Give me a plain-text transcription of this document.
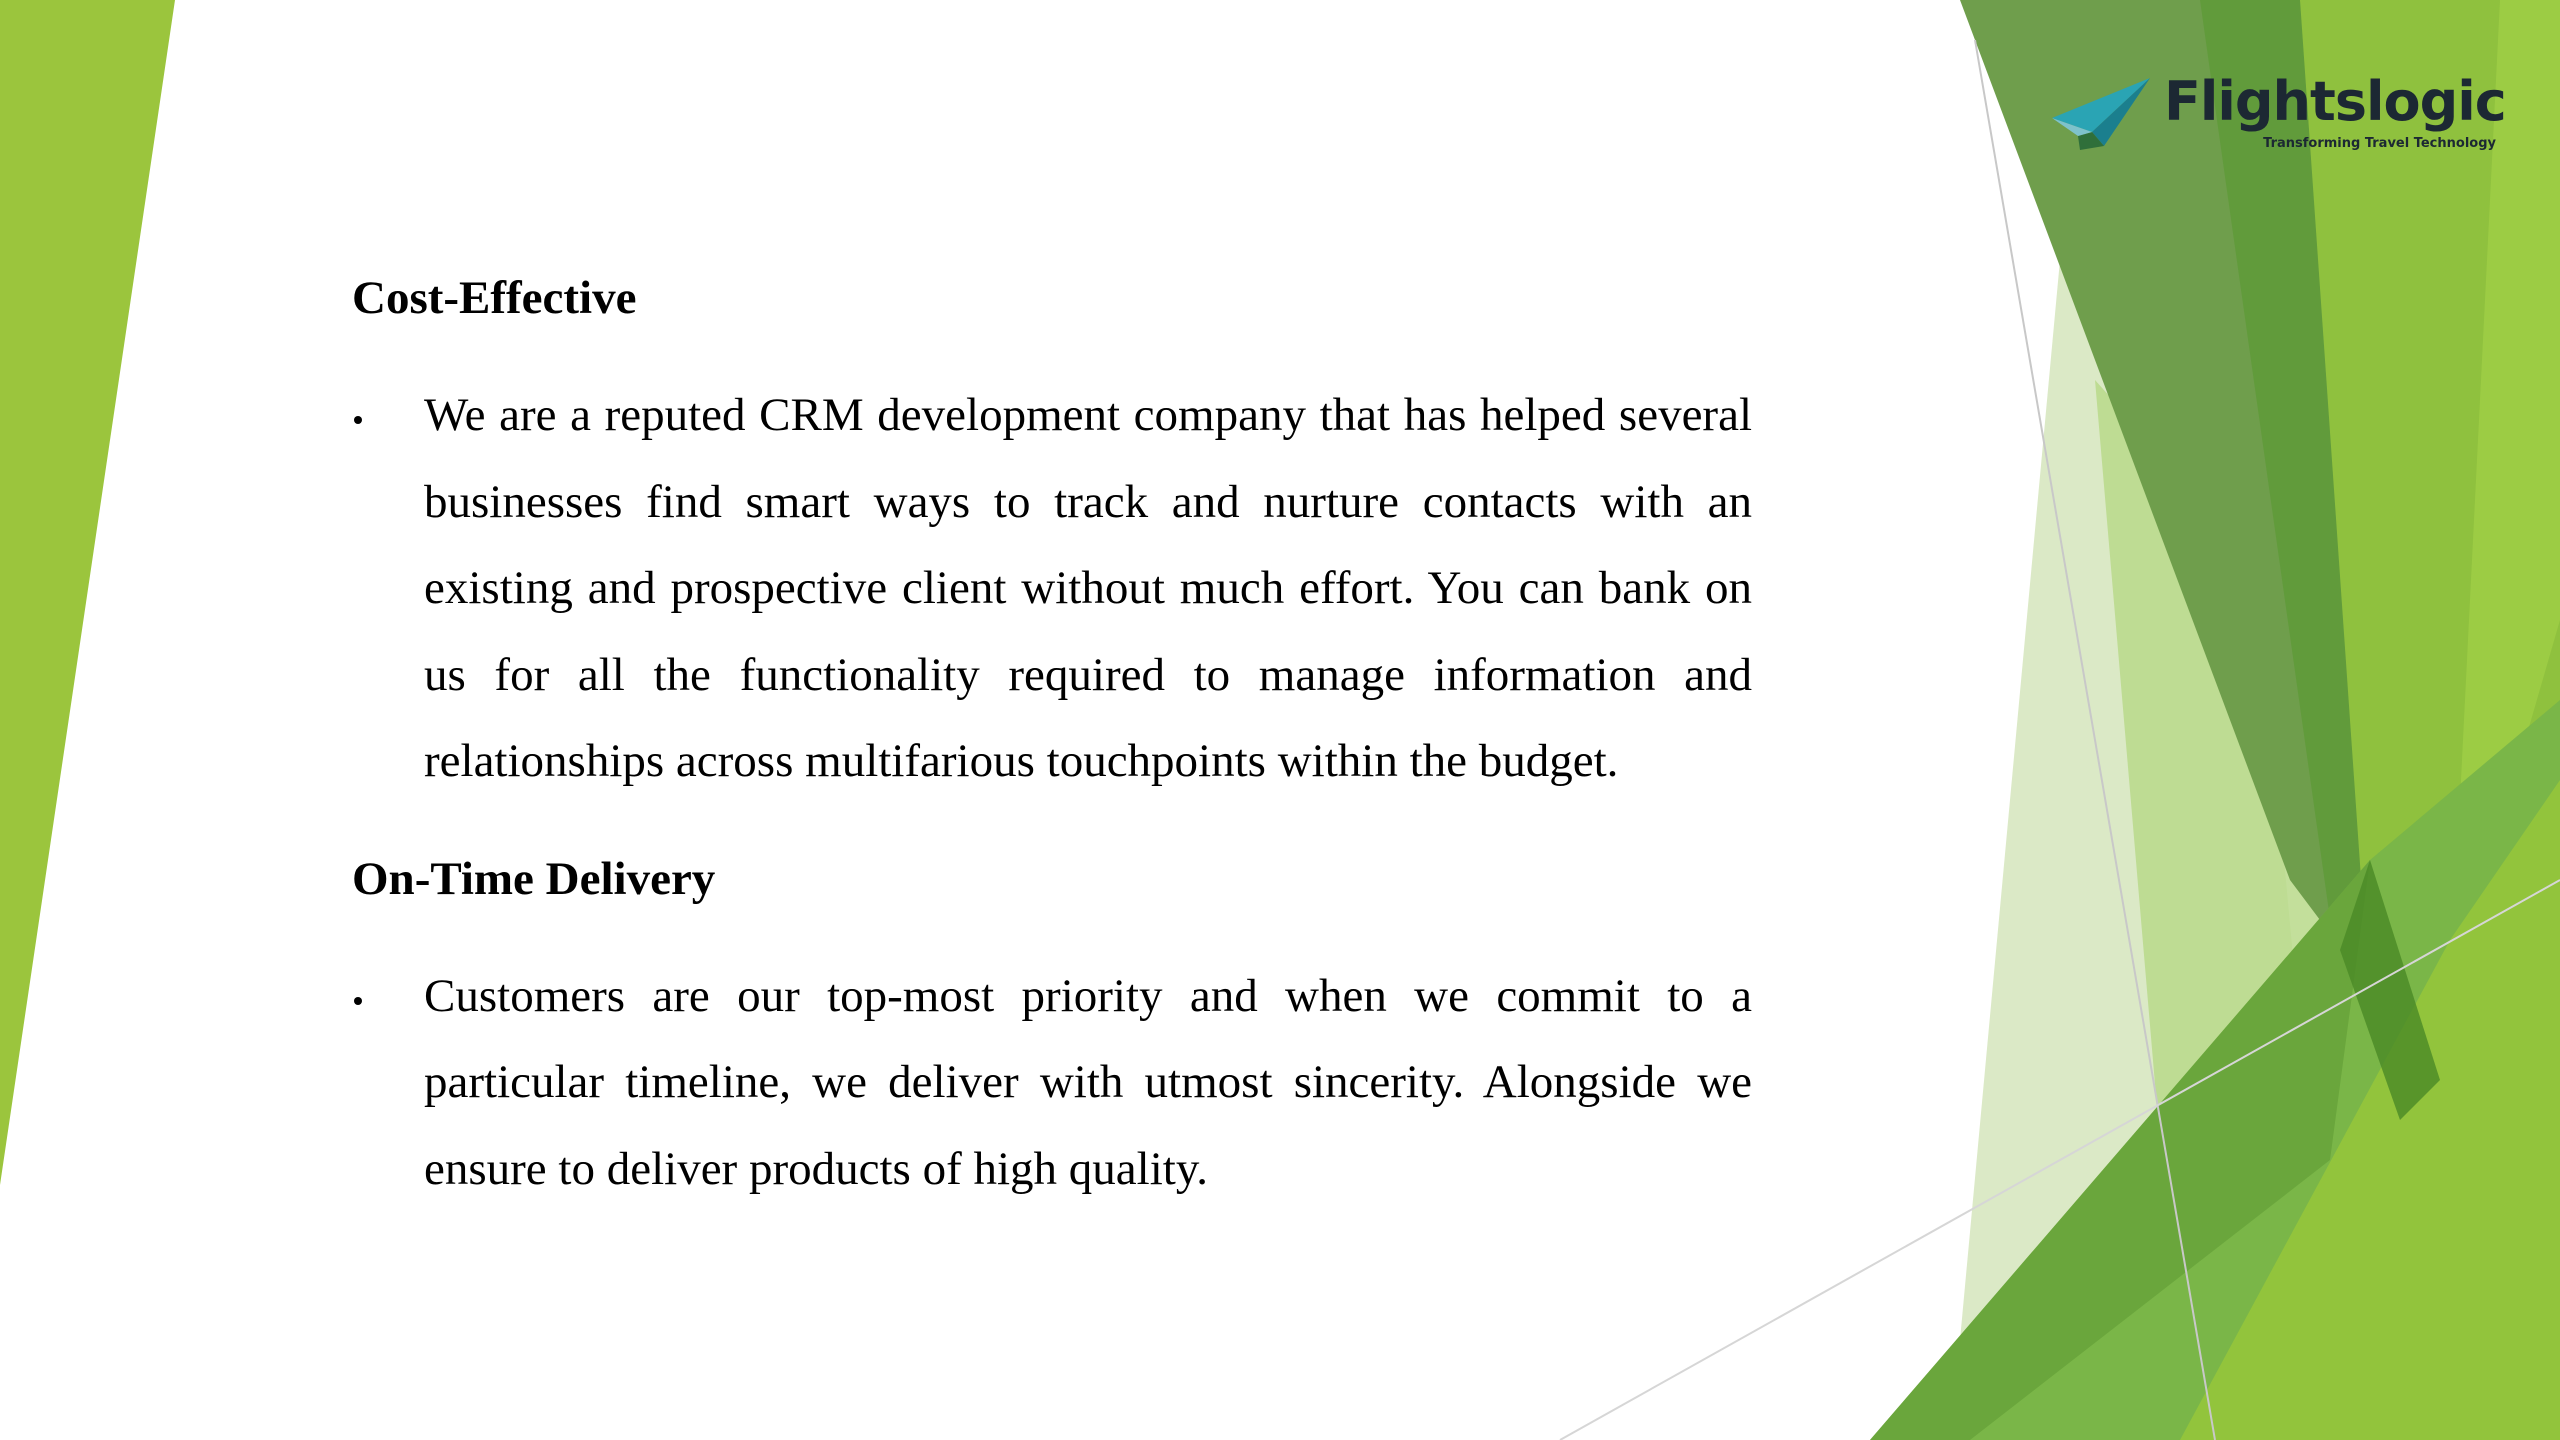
Flightslogic
Transforming Travel Technology
Cost-Effective

We are a reputed CRM development company that has helped several businesses find smart ways to track and nurture contacts with an existing and prospective client without much effort. You can bank on us for all the functionality required to manage information and relationships across multifarious touchpoints within the budget.

On-Time Delivery

Customers are our top-most priority and when we commit to a particular timeline, we deliver with utmost sincerity. Alongside we ensure to deliver products of high quality.
